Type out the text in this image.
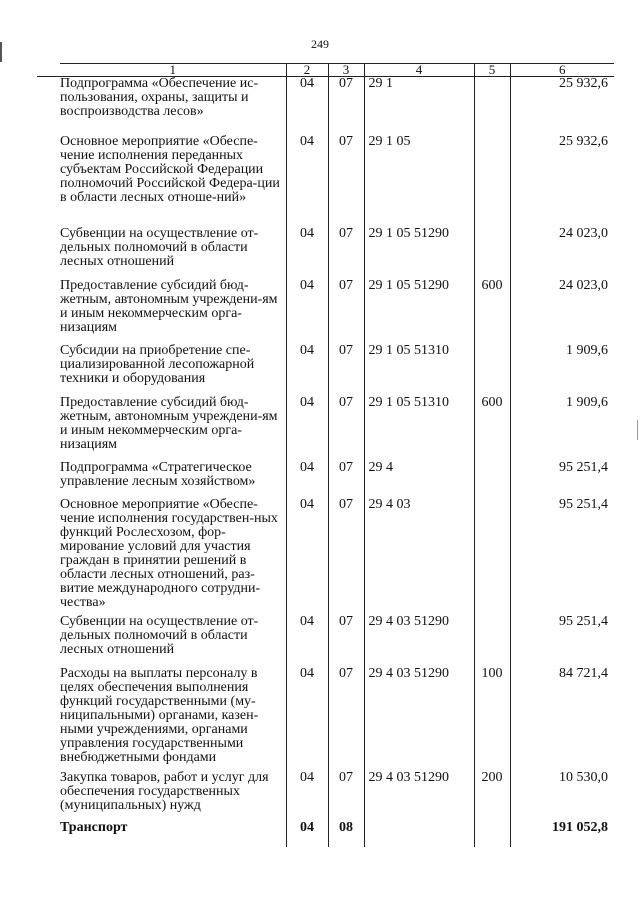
249
1	2	3	4	5	6
Подпрограмма «Обеспечение ис-пользования, охраны, защиты и воспроизводства лесов»	04	07	29 1		25 932,6
Основное мероприятие «Обеспе-чение исполнения переданных субъектам Российской Федерации полномочий Российской Федера-ции в области лесных отноше-ний»	04	07	29 1 05		25 932,6
Субвенции на осуществление от-дельных полномочий в области лесных отношений	04	07	29 1 05 51290		24 023,0
Предоставление субсидий бюд-жетным, автономным учреждени-ям и иным некоммерческим орга-низациям	04	07	29 1 05 51290	600	24 023,0
Субсидии на приобретение спе-циализированной лесопожарной техники и оборудования	04	07	29 1 05 51310		1 909,6
Предоставление субсидий бюд-жетным, автономным учреждени-ям и иным некоммерческим орга-низациям	04	07	29 1 05 51310	600	1 909,6
Подпрограмма «Стратегическое управление лесным хозяйством»	04	07	29 4		95 251,4
Основное мероприятие «Обеспе-чение исполнения государствен-ных функций Рослесхозом, фор-мирование условий для участия граждан в принятии решений в области лесных отношений, раз-витие международного сотрудни-чества»	04	07	29 4 03		95 251,4
Субвенции на осуществление от-дельных полномочий в области лесных отношений	04	07	29 4 03 51290		95 251,4
Расходы на выплаты персоналу в целях обеспечения выполнения функций государственными (му-ниципальными) органами, казен-ными учреждениями, органами управления государственными внебюджетными фондами	04	07	29 4 03 51290	100	84 721,4
Закупка товаров, работ и услуг для обеспечения государственных (муниципальных) нужд	04	07	29 4 03 51290	200	10 530,0
Транспорт	04	08			191 052,8
